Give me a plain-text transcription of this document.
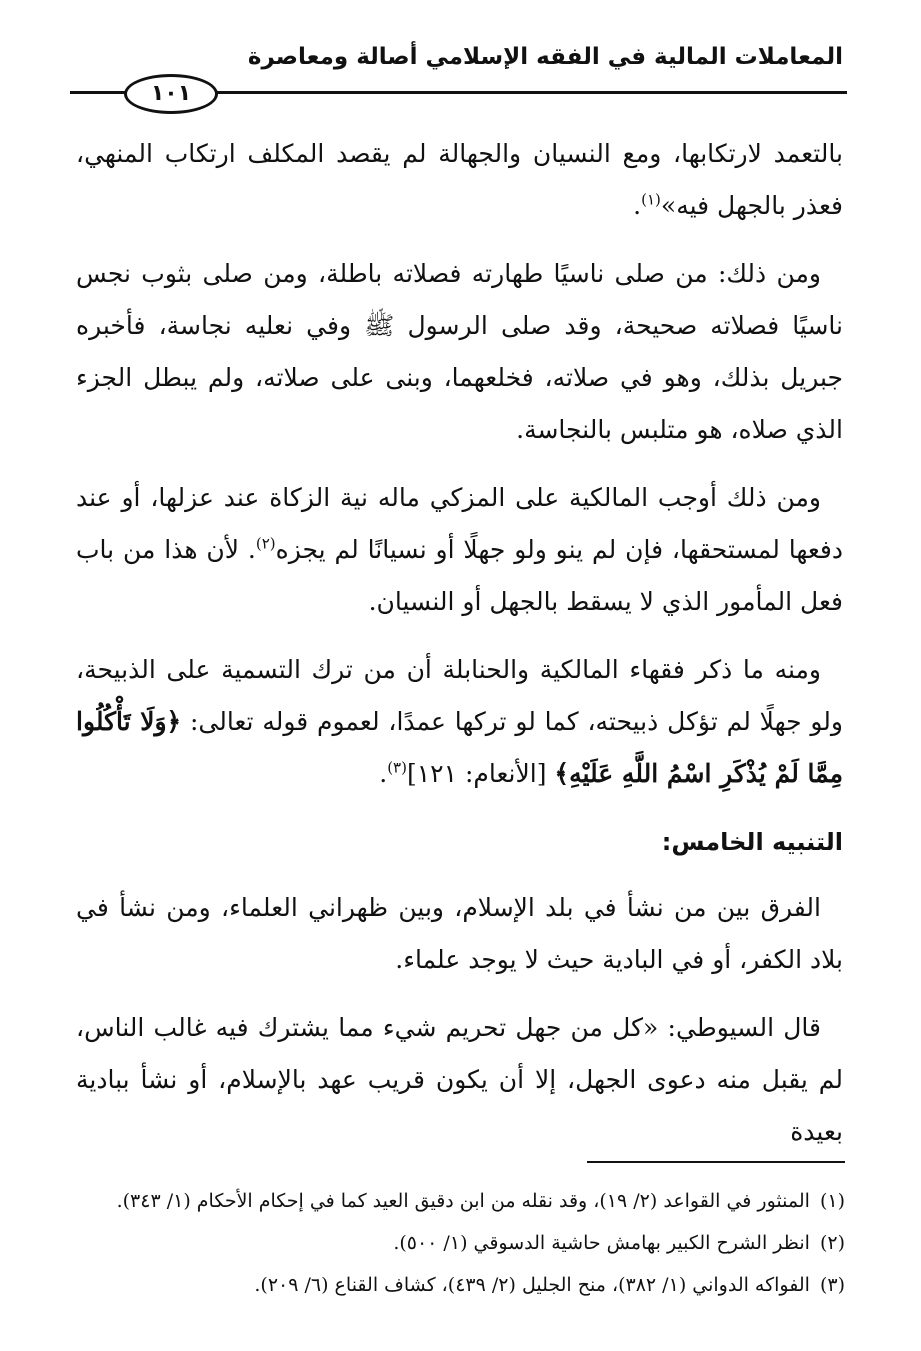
المعاملات المالية في الفقه الإسلامي أصالة ومعاصرة
١٠١

بالتعمد لارتكابها، ومع النسيان والجهالة لم يقصد المكلف ارتكاب المنهي، فعذر بالجهل فيه»$^{(١)}$.

ومن ذلك: من صلى ناسيًا طهارته فصلاته باطلة، ومن صلى بثوب نجس ناسيًا فصلاته صحيحة، وقد صلى الرسول ﷺ وفي نعليه نجاسة، فأخبره جبريل بذلك، وهو في صلاته، فخلعهما، وبنى على صلاته، ولم يبطل الجزء الذي صلاه، هو متلبس بالنجاسة.

ومن ذلك أوجب المالكية على المزكي ماله نية الزكاة عند عزلها، أو عند دفعها لمستحقها، فإن لم ينو ولو جهلًا أو نسيانًا لم يجزه$^{(٢)}$. لأن هذا من باب فعل المأمور الذي لا يسقط بالجهل أو النسيان.

ومنه ما ذكر فقهاء المالكية والحنابلة أن من ترك التسمية على الذبيحة، ولو جهلًا لم تؤكل ذبيحته، كما لو تركها عمدًا، لعموم قوله تعالى: ﴿وَلَا تَأْكُلُوا مِمَّا لَمْ يُذْكَرِ اسْمُ اللَّهِ عَلَيْهِ﴾ [الأنعام: ١٢١]$^{(٣)}$.

التنبيه الخامس:

الفرق بين من نشأ في بلد الإسلام، وبين ظهراني العلماء، ومن نشأ في بلاد الكفر، أو في البادية حيث لا يوجد علماء.

قال السيوطي: «كل من جهل تحريم شيء مما يشترك فيه غالب الناس، لم يقبل منه دعوى الجهل، إلا أن يكون قريب عهد بالإسلام، أو نشأ ببادية بعيدة

(١)
المنثور في القواعد (٢/ ١٩)، وقد نقله من ابن دقيق العيد كما في إحكام الأحكام (١/ ٣٤٣).
(٢)
انظر الشرح الكبير بهامش حاشية الدسوقي (١/ ٥٠٠).
(٣)
الفواكه الدواني (١/ ٣٨٢)، منح الجليل (٢/ ٤٣٩)، كشاف القناع (٦/ ٢٠٩).
